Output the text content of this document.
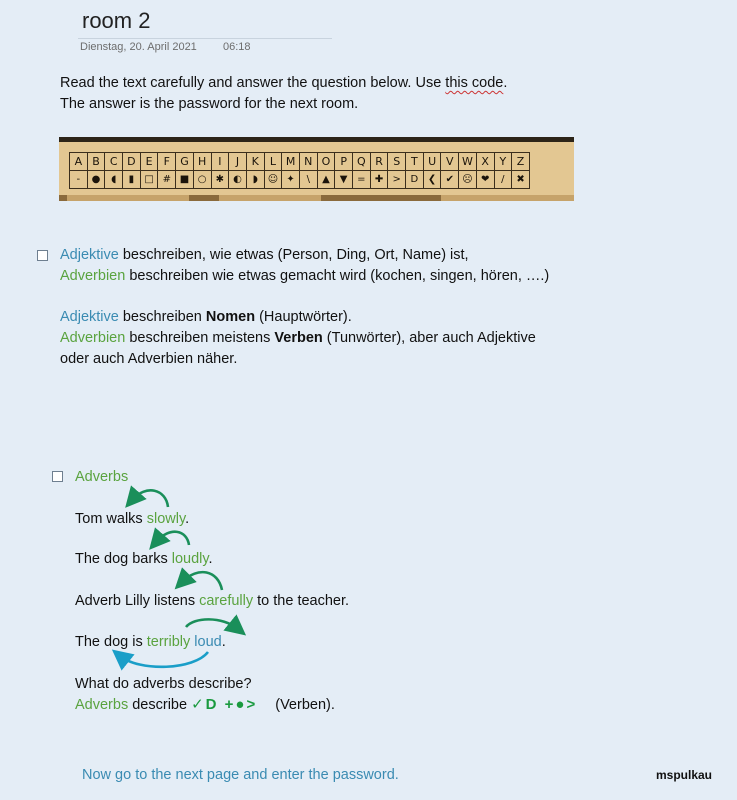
room 2
Dienstag, 20. April 2021 06:18
Read the text carefully and answer the question below. Use this code.
The answer is the password for the next room.
A	B	C	D	E	F	G	H	I	J	K	L	M	N	O	P	Q	R	S	T	U	V	W	X	Y	Z
-	●	◖	▮	□	#	■	○	✱	◐	◗	☺	✦	\	▲	▼	=	✚	>	D	❮	✔	☹	❤	/	✖
Adjektive beschreiben, wie etwas (Person, Ding, Ort, Name) ist,
Adverbien beschreiben wie etwas gemacht wird (kochen, singen, hören, ….)
Adjektive beschreiben Nomen (Hauptwörter).
Adverbien beschreiben meistens Verben (Tunwörter), aber auch Adjektive
oder auch Adverbien näher.
Adverbs
Tom walks slowly.
The dog barks loudly.
Adverb Lilly listens carefully to the teacher.
The dog is terribly loud.
What do adverbs describe?
Adverbs describe ✓D +●> (Verben).
Now go to the next page and enter the password.	mspulkau
